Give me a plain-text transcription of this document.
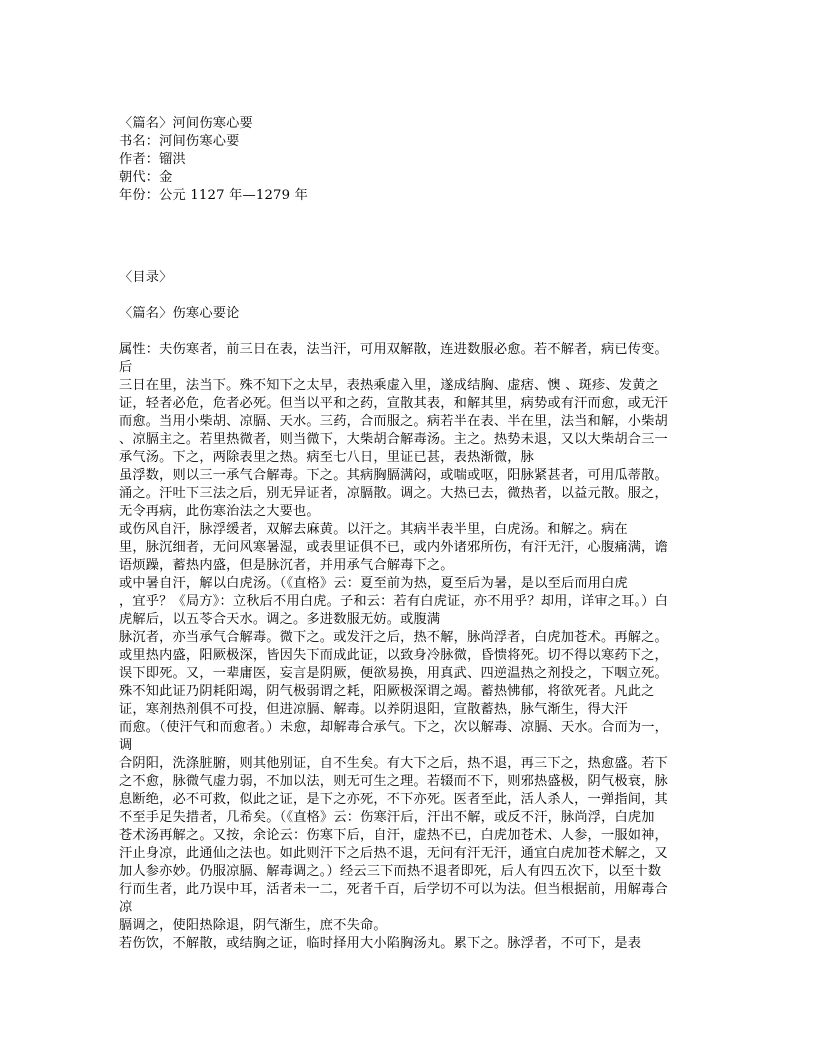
〈篇名〉河间伤寒心要
书名：河间伤寒心要
作者：镏洪
朝代：金
年份：公元 1127 年—1279 年
〈目录〉
〈篇名〉伤寒心要论
属性：夫伤寒者，前三日在表，法当汗，可用双解散，连进数服必愈。若不解者，病已传变。
后
三日在里，法当下。殊不知下之太早，表热乘虚入里，遂成结胸、虚痞、懊 、斑疹、发黄之
证，轻者必危，危者必死。但当以平和之药，宣散其表，和解其里，病势或有汗而愈，或无汗
而愈。当用小柴胡、凉膈、天水。三药，合而服之。病若半在表、半在里，法当和解，小柴胡
、凉膈主之。若里热微者，则当微下，大柴胡合解毒汤。主之。热势未退，又以大柴胡合三一
承气汤。下之，两除表里之热。病至七八日，里证已甚，表热渐微，脉
虽浮数，则以三一承气合解毒。下之。其病胸膈满闷，或喘或呕，阳脉紧甚者，可用瓜蒂散。
涌之。汗吐下三法之后，别无异证者，凉膈散。调之。大热已去，微热者，以益元散。服之，
无令再病，此伤寒治法之大要也。
或伤风自汗，脉浮缓者，双解去麻黄。以汗之。其病半表半里，白虎汤。和解之。病在
里，脉沉细者，无问风寒暑湿，或表里证俱不已，或内外诸邪所伤，有汗无汗，心腹痛满，谵
语烦躁，蓄热内盛，但是脉沉者，并用承气合解毒下之。
或中暑自汗，解以白虎汤。（《直格》云：夏至前为热，夏至后为暑，是以至后而用白虎
，宜乎？《局方》：立秋后不用白虎。子和云：若有白虎证，亦不用乎？却用，详审之耳。）白
虎解后，以五苓合天水。调之。多进数服无妨。或腹满
脉沉者，亦当承气合解毒。微下之。或发汗之后，热不解，脉尚浮者，白虎加苍术。再解之。
或里热内盛，阳厥极深，皆因失下而成此证，以致身冷脉微，昏愦将死。切不得以寒药下之，
误下即死。又，一辈庸医，妄言是阴厥，便欲易换，用真武、四逆温热之剂投之，下咽立死。
殊不知此证乃阴耗阳竭，阴气极弱谓之耗，阳厥极深谓之竭。蓄热怫郁，将欲死者。凡此之
证，寒剂热剂俱不可投，但进凉膈、解毒。以养阴退阳，宣散蓄热，脉气渐生，得大汗
而愈。（使汗气和而愈者。）未愈，却解毒合承气。下之，次以解毒、凉膈、天水。合而为一，
调
合阴阳，洗涤脏腑，则其他别证，自不生矣。有大下之后，热不退，再三下之，热愈盛。若下
之不愈，脉微气虚力弱，不加以法，则无可生之理。若辍而不下，则邪热盛极，阴气极衰，脉
息断绝，必不可救，似此之证，是下之亦死，不下亦死。医者至此，活人杀人，一弹指间，其
不至手足失措者，几希矣。（《直格》云：伤寒汗后，汗出不解，或反不汗，脉尚浮，白虎加
苍术汤再解之。又按，余论云：伤寒下后，自汗，虚热不已，白虎加苍术、人参，一服如神，
汗止身凉，此通仙之法也。如此则汗下之后热不退，无问有汗无汗，通宜白虎加苍术解之，又
加人参亦妙。仍服凉膈、解毒调之。）经云三下而热不退者即死，后人有四五次下，以至十数
行而生者，此乃误中耳，活者未一二，死者千百，后学切不可以为法。但当根据前，用解毒合
凉
膈调之，使阳热除退，阴气渐生，庶不失命。
若伤饮，不解散，或结胸之证，临时择用大小陷胸汤丸。累下之。脉浮者，不可下，是表
